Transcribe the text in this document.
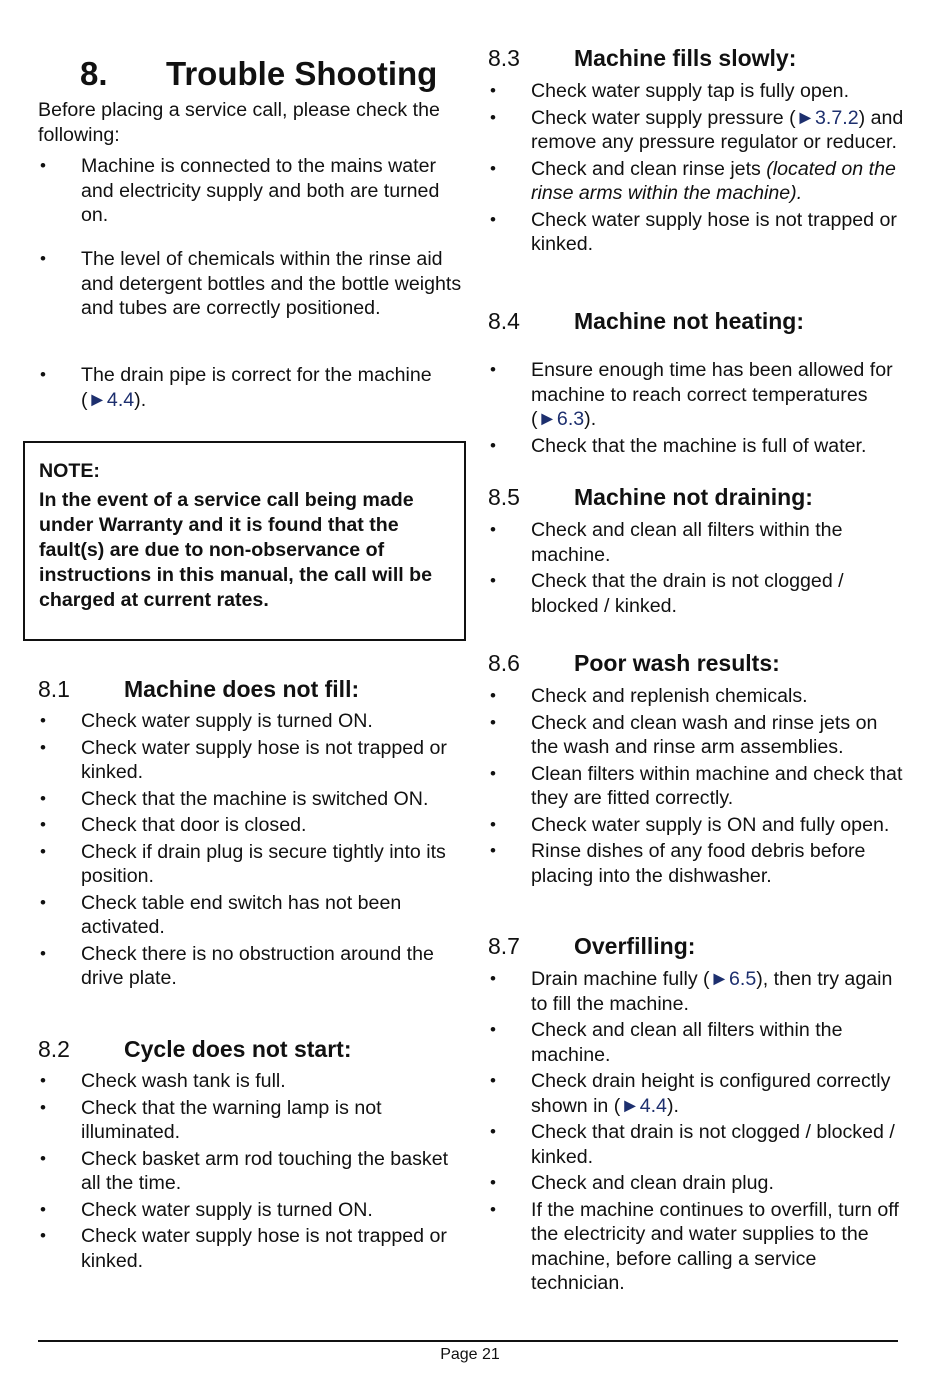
8. Trouble Shooting

Before placing a service call, please check the following:

• Machine is connected to the mains water and electricity supply and both are turned on.
• The level of chemicals within the rinse aid and detergent bottles and the bottle weights and tubes are correctly positioned.
• The drain pipe is correct for the machine (►4.4).
NOTE:
In the event of a service call being made under Warranty and it is found that the fault(s) are due to non-observance of instructions in this manual, the call will be charged at current rates.
8.1 Machine does not fill:
• Check water supply is turned ON.
• Check water supply hose is not trapped or kinked.
• Check that the machine is switched ON.
• Check that door is closed.
• Check if drain plug is secure tightly into its position.
• Check table end switch has not been activated.
• Check there is no obstruction around the drive plate.
8.2 Cycle does not start:
• Check wash tank is full.
• Check that the warning lamp is not illuminated.
• Check basket arm rod touching the basket all the time.
• Check water supply is turned ON.
• Check water supply hose is not trapped or kinked.
8.3 Machine fills slowly:
• Check water supply tap is fully open.
• Check water supply pressure (►3.7.2) and remove any pressure regulator or reducer.
• Check and clean rinse jets (located on the rinse arms within the machine).
• Check water supply hose is not trapped or kinked.
8.4 Machine not heating:
• Ensure enough time has been allowed for machine to reach correct temperatures (►6.3).
• Check that the machine is full of water.
8.5 Machine not draining:
• Check and clean all filters within the machine.
• Check that the drain is not clogged / blocked / kinked.
8.6 Poor wash results:
• Check and replenish chemicals.
• Check and clean wash and rinse jets on the wash and rinse arm assemblies.
• Clean filters within machine and check that they are fitted correctly.
• Check water supply is ON and fully open.
• Rinse dishes of any food debris before placing into the dishwasher.
8.7 Overfilling:
• Drain machine fully (►6.5), then try again to fill the machine.
• Check and clean all filters within the machine.
• Check drain height is configured correctly shown in (►4.4).
• Check that drain is not clogged / blocked / kinked.
• Check and clean drain plug.
• If the machine continues to overfill, turn off the electricity and water supplies to the machine, before calling a service technician.
Page 21
